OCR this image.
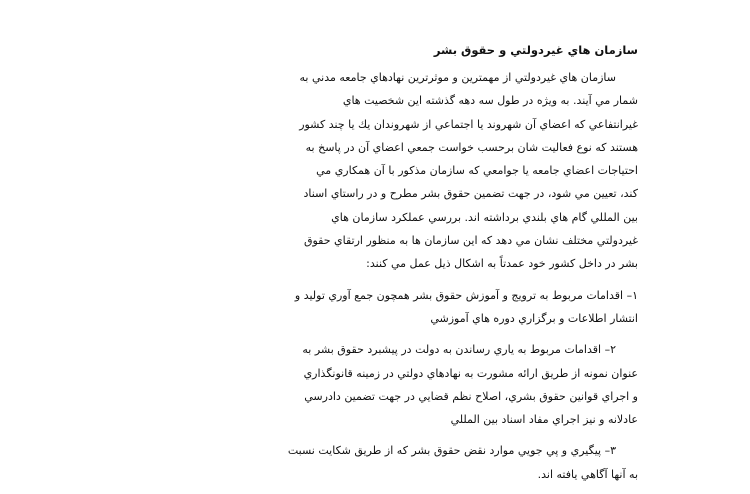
سازمان هاي غيردولتي و حقوق بشر
سازمان هاي غيردولتي از مهمترين و موثرترين نهادهاي جامعه مدني به
شمار مي آيند. به ويژه در طول سه دهه گذشته اين شخصيت هاي
غيرانتفاعي که اعضاي آن شهروند يا اجتماعي از شهروندان يك يا چند كشور
هستند که نوع فعاليت شان برحسب خواست جمعي اعضاي آن در پاسخ به
احتياجات اعضاي جامعه يا جوامعي که سازمان مذکور با آن همکاري مي
کند، تعيين مي شود، در جهت تضمين حقوق بشر مطرح و در راستاي اسناد
بين المللي گام هاي بلندي برداشته اند. بررسي عملكرد سازمان هاي
غيردولتي مختلف نشان مي دهد که اين سازمان ها به منظور ارتقاي حقوق
بشر در داخل كشور خود عمدتاً به اشكال ذيل عمل مي كنند:
۱– اقدامات مربوط به ترويج و آموزش حقوق بشر همچون جمع آوري توليد و
انتشار اطلاعات و برگزاري دوره هاي آموزشي
۲– اقدامات مربوط به ياري رساندن به دولت در پيشبرد حقوق بشر به
عنوان نمونه از طريق ارائه مشورت به نهادهاي دولتي در زمينه قانونگذاري
و اجراي قوانين حقوق بشري، اصلاح نظم قضايي در جهت تضمين دادرسي
عادلانه و نيز اجراي مفاد اسناد بين المللي
۳– پيگيري و پي جويي موارد نقض حقوق بشر كه از طريق شكايت نسبت
به آنها آگاهي يافته اند.
